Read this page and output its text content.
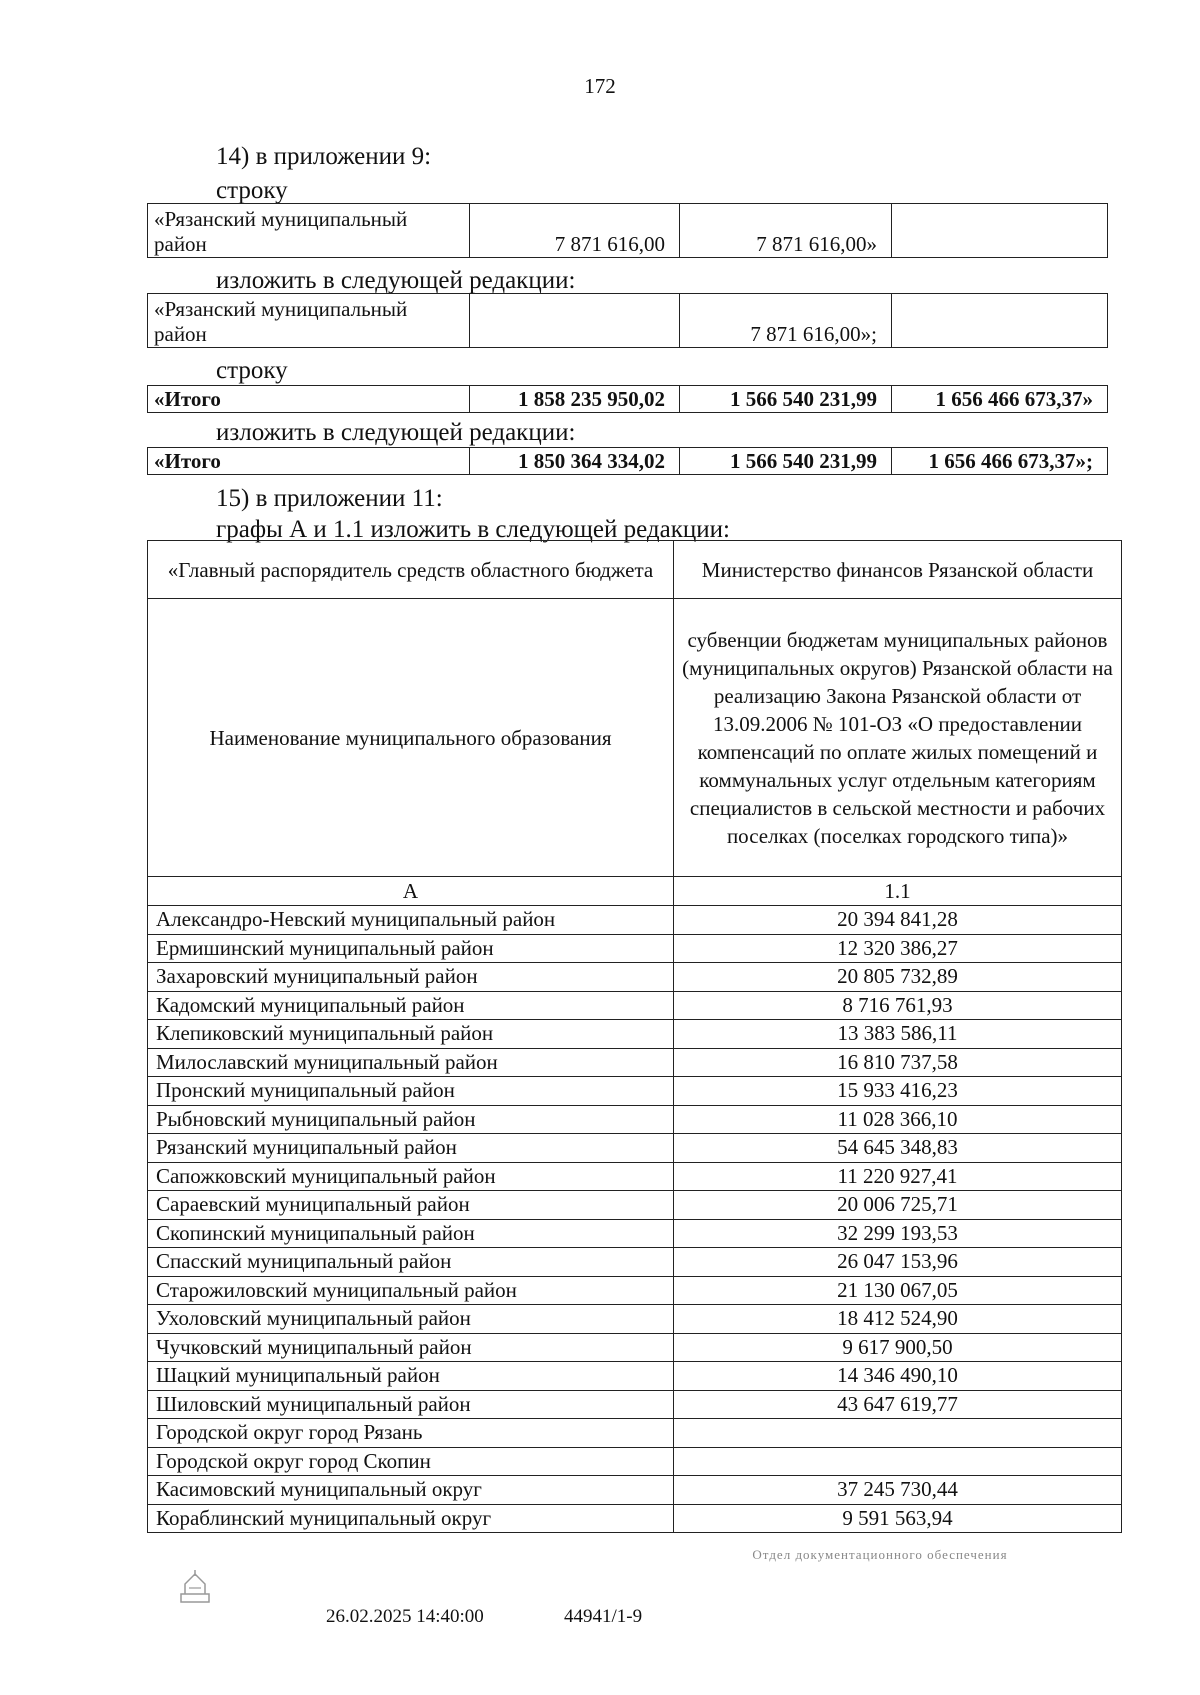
172
14) в приложении 9:
строку
«Рязанский муниципальный район	7 871 616,00	7 871 616,00»	
изложить в следующей редакции:
«Рязанский муниципальный район		7 871 616,00»;	
строку
«Итого	1 858 235 950,02	1 566 540 231,99	1 656 466 673,37»
изложить в следующей редакции:
«Итого	1 850 364 334,02	1 566 540 231,99	1 656 466 673,37»;
15) в приложении 11:
графы А и 1.1 изложить в следующей редакции:
«Главный распорядитель средств областного бюджета	Министерство финансов Рязанской области
Наименование муниципального образования	субвенции бюджетам муниципальных районов (муниципальных округов) Рязанской области на реализацию Закона Рязанской области от 13.09.2006 № 101-ОЗ «О предоставлении компенсаций по оплате жилых помещений и коммунальных услуг отдельным категориям специалистов в сельской местности и рабочих поселках (поселках городского типа)»
А	1.1
Александро-Невский муниципальный район	20 394 841,28
Ермишинский муниципальный район	12 320 386,27
Захаровский муниципальный район	20 805 732,89
Кадомский муниципальный район	8 716 761,93
Клепиковский муниципальный район	13 383 586,11
Милославский муниципальный район	16 810 737,58
Пронский муниципальный район	15 933 416,23
Рыбновский муниципальный район	11 028 366,10
Рязанский муниципальный район	54 645 348,83
Сапожковский муниципальный район	11 220 927,41
Сараевский муниципальный район	20 006 725,71
Скопинский муниципальный район	32 299 193,53
Спасский муниципальный район	26 047 153,96
Старожиловский муниципальный район	21 130 067,05
Ухоловский муниципальный район	18 412 524,90
Чучковский муниципальный район	9 617 900,50
Шацкий муниципальный район	14 346 490,10
Шиловский муниципальный район	43 647 619,77
Городской округ город Рязань	
Городской округ город Скопин	
Касимовский муниципальный округ	37 245 730,44
Кораблинский муниципальный округ	9 591 563,94
26.02.2025 14:40:00	44941/1-9
Отдел документационного обеспечения
